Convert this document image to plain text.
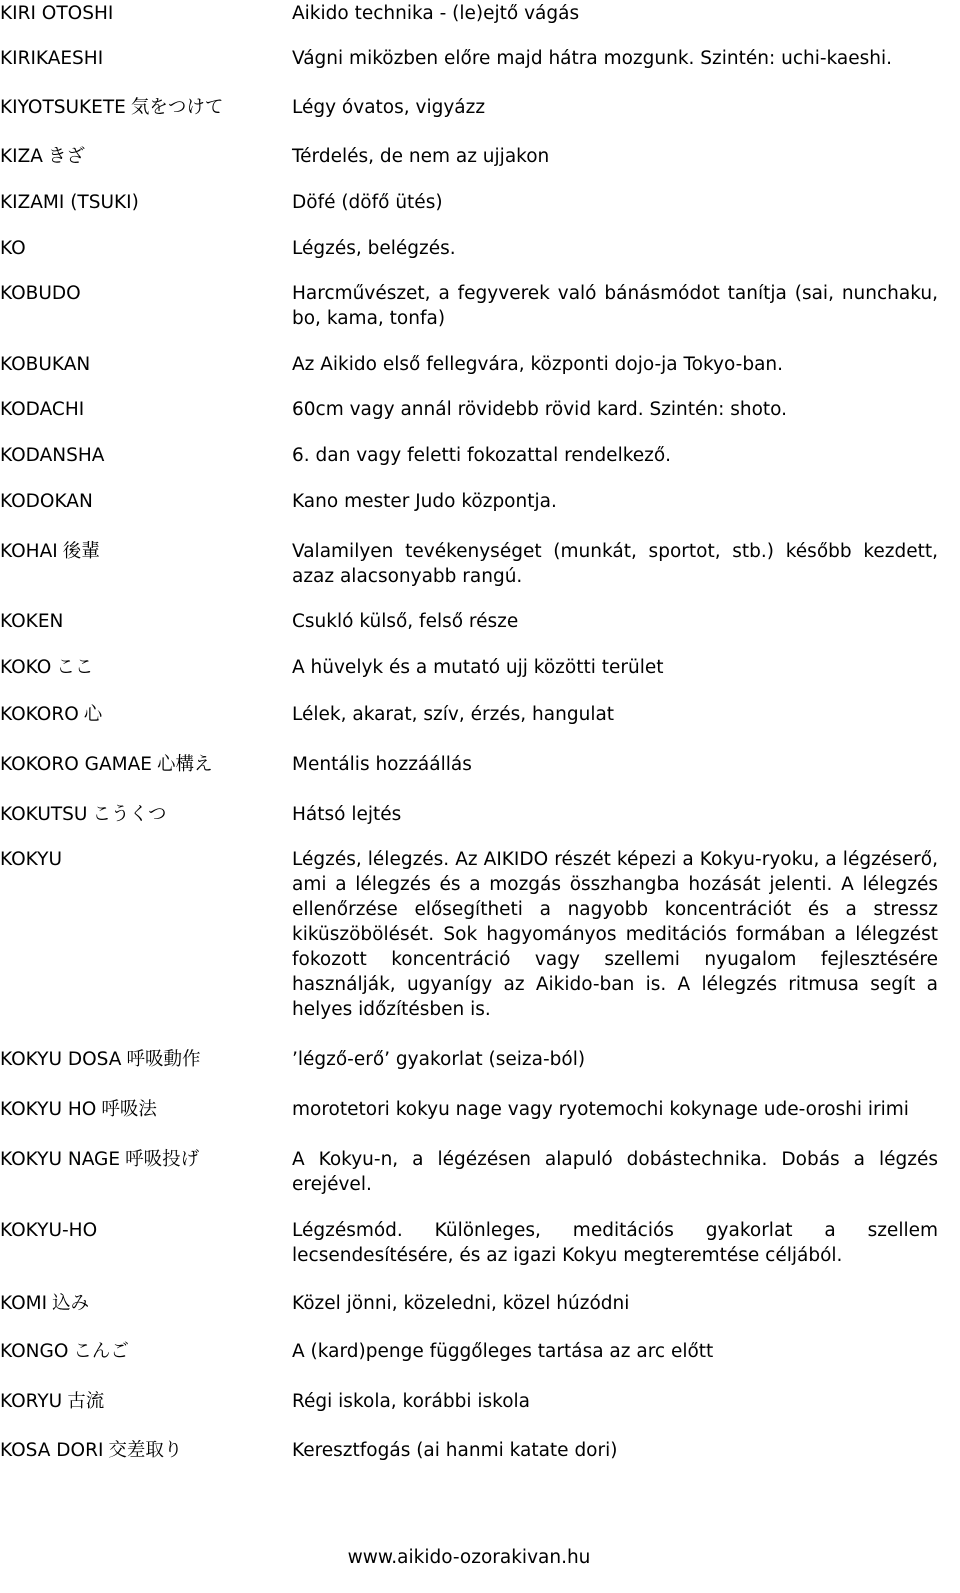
KIRI OTOSHI	Aikido technika - (le)ejtő vágás
KIRIKAESHI	Vágni miközben előre majd hátra mozgunk. Szintén: uchi-kaeshi.
KIYOTSUKETE 気をつけて	Légy óvatos, vigyázz
KIZA きざ	Térdelés, de nem az ujjakon
KIZAMI (TSUKI)	Döfé (döfő ütés)
KO	Légzés, belégzés.
KOBUDO	Harcművészet, a fegyverek való bánásmódot tanítja (sai, nunchaku, bo, kama, tonfa)
KOBUKAN	Az Aikido első fellegvára, központi dojo-ja Tokyo-ban.
KODACHI	60cm vagy annál rövidebb rövid kard. Szintén: shoto.
KODANSHA	6. dan vagy feletti fokozattal rendelkező.
KODOKAN	Kano mester Judo központja.
KOHAI 後輩	Valamilyen tevékenységet (munkát, sportot, stb.) később kezdett, azaz alacsonyabb rangú.
KOKEN	Csukló külső, felső része
KOKO ここ	A hüvelyk és a mutató ujj közötti terület
KOKORO 心	Lélek, akarat, szív, érzés, hangulat
KOKORO GAMAE 心構え	Mentális hozzáállás
KOKUTSU こうくつ	Hátsó lejtés
KOKYU	Légzés, lélegzés. Az AIKIDO részét képezi a Kokyu-ryoku, a légzéserő, ami a lélegzés és a mozgás összhangba hozását jelenti. A lélegzés ellenőrzése elősegítheti a nagyobb koncentrációt és a stressz kiküszöbölését. Sok hagyományos meditációs formában a lélegzést fokozott koncentráció vagy szellemi nyugalom fejlesztésére használják, ugyanígy az Aikido-ban is. A lélegzés ritmusa segít a helyes időzítésben is.
KOKYU DOSA 呼吸動作	’légző-erő’ gyakorlat (seiza-ból)
KOKYU HO 呼吸法	morotetori kokyu nage vagy ryotemochi kokynage ude-oroshi irimi
KOKYU NAGE 呼吸投げ	A Kokyu-n, a légézésen alapuló dobástechnika. Dobás a légzés erejével.
KOKYU-HO	Légzésmód. Különleges, meditációs gyakorlat a szellem lecsendesítésére, és az igazi Kokyu megteremtése céljából.
KOMI 込み	Közel jönni, közeledni, közel húzódni
KONGO こんご	A (kard)penge függőleges tartása az arc előtt
KORYU 古流	Régi iskola, korábbi iskola
KOSA DORI 交差取り	Keresztfogás (ai hanmi katate dori)
www.aikido-ozorakivan.hu
